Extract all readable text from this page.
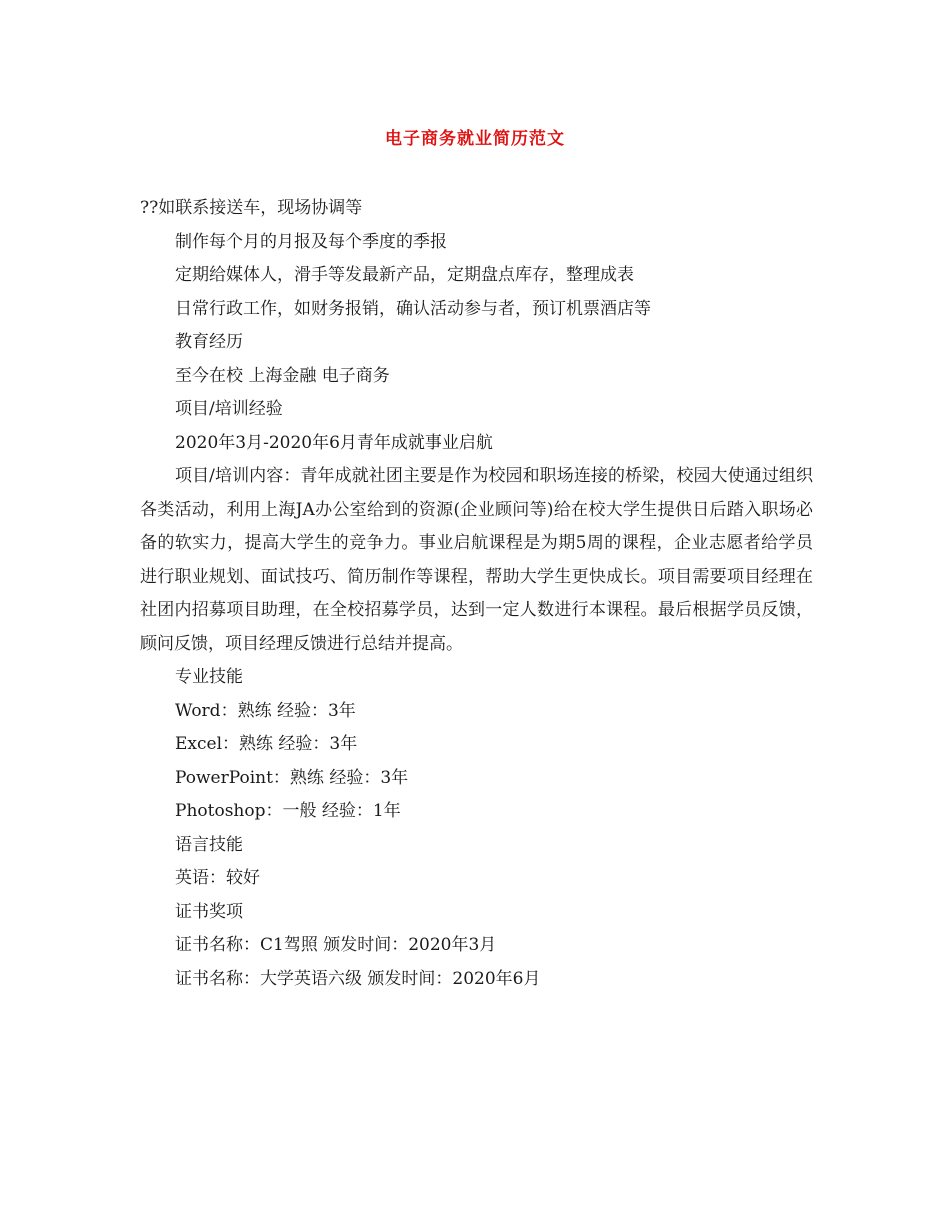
电子商务就业简历范文
??如联系接送车，现场协调等
制作每个月的月报及每个季度的季报
定期给媒体人，滑手等发最新产品，定期盘点库存，整理成表
日常行政工作，如财务报销，确认活动参与者，预订机票酒店等
教育经历
至今在校 上海金融 电子商务
项目/培训经验
2020年3月-2020年6月青年成就事业启航
项目/培训内容：青年成就社团主要是作为校园和职场连接的桥梁，校园大使通过组织各类活动，利用上海JA办公室给到的资源(企业顾问等)给在校大学生提供日后踏入职场必备的软实力，提高大学生的竞争力。事业启航课程是为期5周的课程，企业志愿者给学员进行职业规划、面试技巧、简历制作等课程，帮助大学生更快成长。项目需要项目经理在社团内招募项目助理，在全校招募学员，达到一定人数进行本课程。最后根据学员反馈，顾问反馈，项目经理反馈进行总结并提高。
专业技能
Word：熟练 经验：3年
Excel：熟练 经验：3年
PowerPoint：熟练 经验：3年
Photoshop：一般 经验：1年
语言技能
英语：较好
证书奖项
证书名称：C1驾照 颁发时间：2020年3月
证书名称：大学英语六级 颁发时间：2020年6月
